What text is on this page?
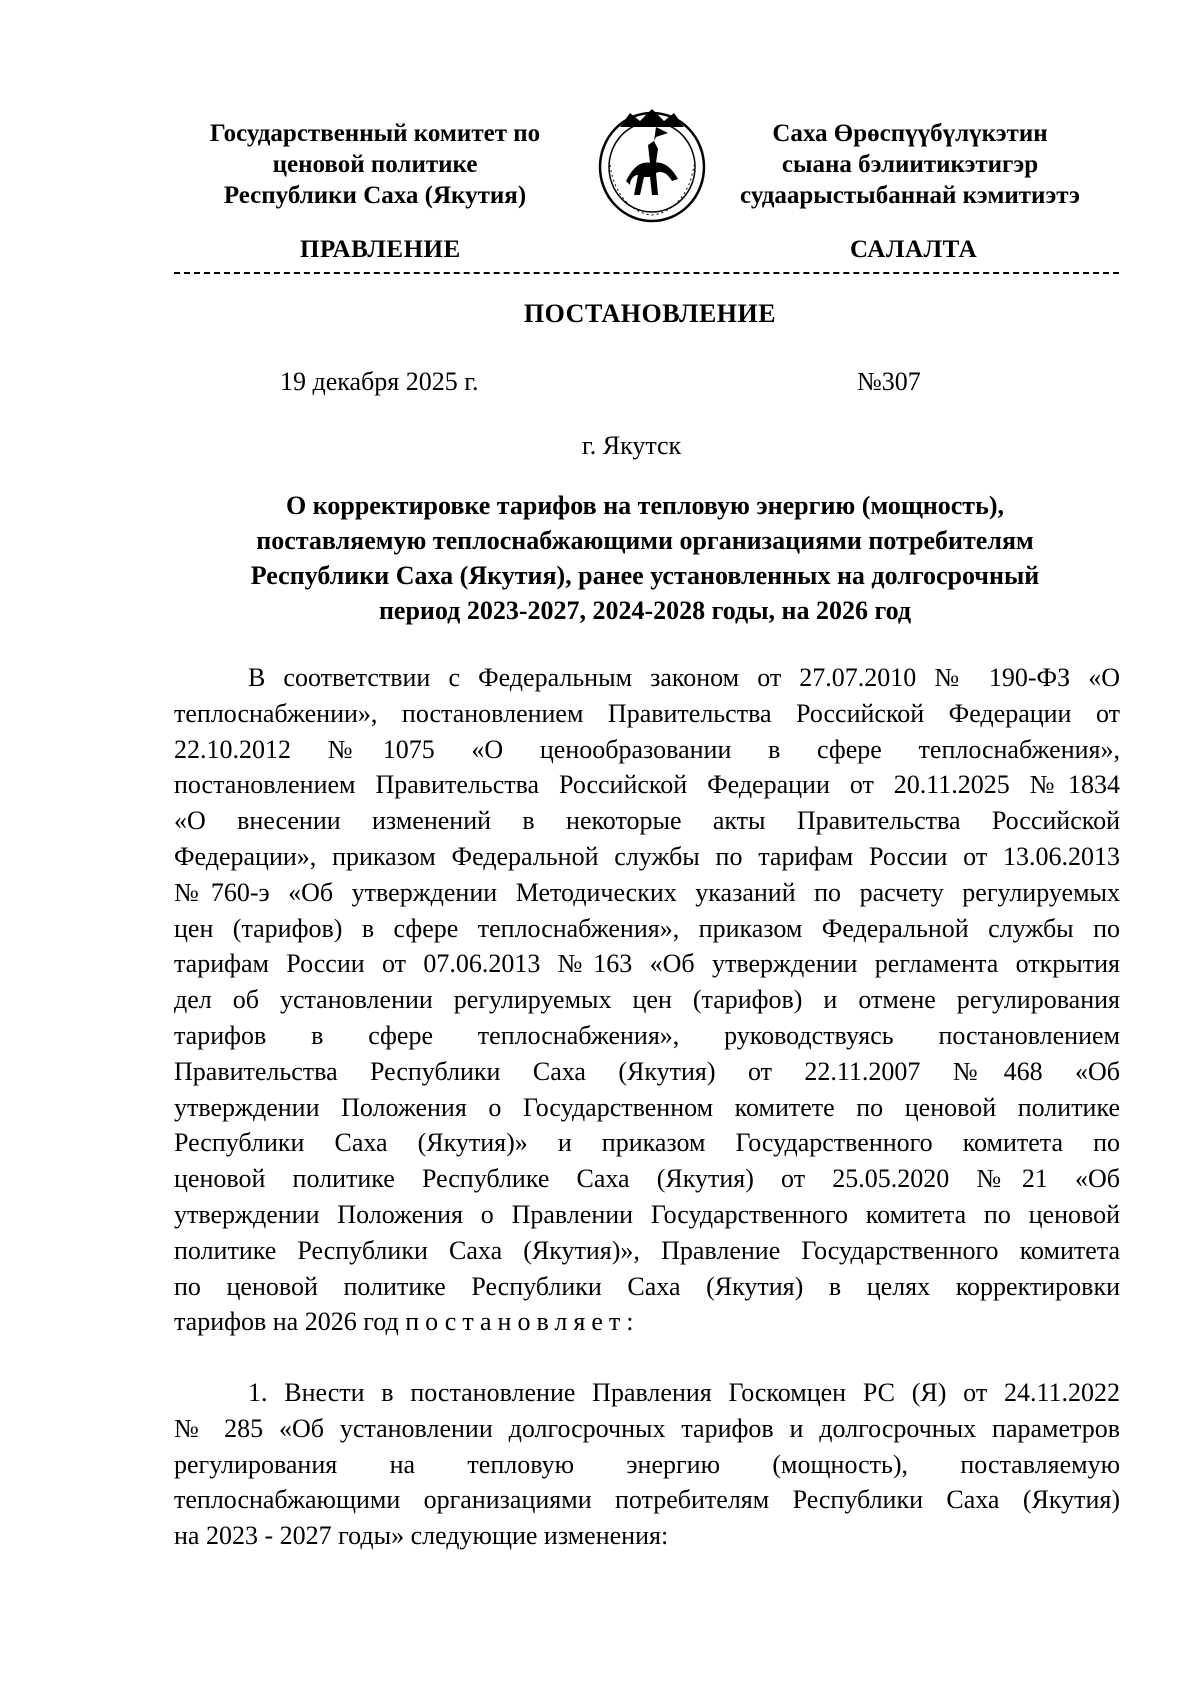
Государственный комитет по
ценовой политике
Республики Саха (Якутия)
Саха Өрөспүүбүлүкэтин
сыана бэлиитикэтигэр
судаарыстыбаннай кэмитиэтэ
ПРАВЛЕНИЕ	САЛАЛТА
ПОСТАНОВЛЕНИЕ
19 декабря 2025 г.	№307
г. Якутск
О корректировке тарифов на тепловую энергию (мощность),
поставляемую теплоснабжающими организациями потребителям
Республики Саха (Якутия), ранее установленных на долгосрочный
период 2023-2027, 2024-2028 годы, на 2026 год
В соответствии с Федеральным законом от 27.07.2010 № 190-ФЗ «О
теплоснабжении», постановлением Правительства Российской Федерации от
22.10.2012 №1075 «О ценообразовании в сфере теплоснабжения»,
постановлением Правительства Российской Федерации от 20.11.2025 №1834
«О внесении изменений в некоторые акты Правительства Российской
Федерации», приказом Федеральной службы по тарифам России от 13.06.2013
№760-э «Об утверждении Методических указаний по расчету регулируемых
цен (тарифов) в сфере теплоснабжения», приказом Федеральной службы по
тарифам России от 07.06.2013 №163 «Об утверждении регламента открытия
дел об установлении регулируемых цен (тарифов) и отмене регулирования
тарифов в сфере теплоснабжения», руководствуясь постановлением
Правительства Республики Саха (Якутия) от 22.11.2007 №468 «Об
утверждении Положения о Государственном комитете по ценовой политике
Республики Саха (Якутия)» и приказом Государственного комитета по
ценовой политике Республике Саха (Якутия) от 25.05.2020 №21 «Об
утверждении Положения о Правлении Государственного комитета по ценовой
политике Республики Саха (Якутия)», Правление Государственного комитета
по ценовой политике Республики Саха (Якутия) в целях корректировки
тарифов на 2026 год постановляет:
1. Внести в постановление Правления Госкомцен РС (Я) от 24.11.2022
№ 285 «Об установлении долгосрочных тарифов и долгосрочных параметров
регулирования на тепловую энергию (мощность), поставляемую
теплоснабжающими организациями потребителям Республики Саха (Якутия)
на 2023 - 2027 годы» следующие изменения:
